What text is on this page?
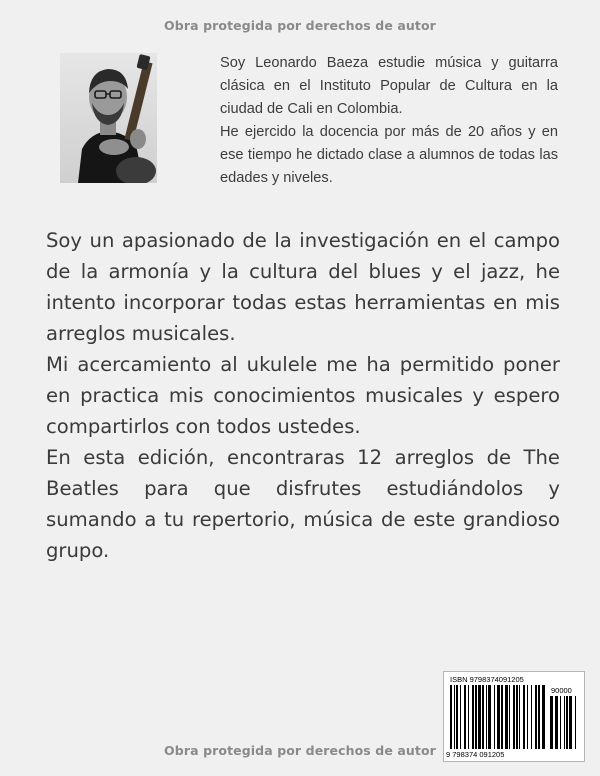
Obra protegida por derechos de autor

Soy Leonardo Baeza estudie música y guitarra clásica en el Instituto Popular de Cultura en la ciudad de Cali en Colombia.

He ejercido la docencia por más de 20 años y en ese tiempo he dictado clase a alumnos de todas las edades y niveles.

Soy un apasionado de la investigación en el campo de la armonía y la cultura del blues y el jazz, he intento incorporar todas estas herramientas en mis arreglos musicales.

Mi acercamiento al ukulele me ha permitido poner en practica mis conocimientos musicales y espero compartirlos con todos ustedes.

En esta edición, encontraras 12 arreglos de The Beatles para que disfrutes estudiándolos y sumando a tu repertorio, música de este grandioso grupo.

ISBN 9798374091205
90000
9 798374 091205
Obra protegida por derechos de autor
